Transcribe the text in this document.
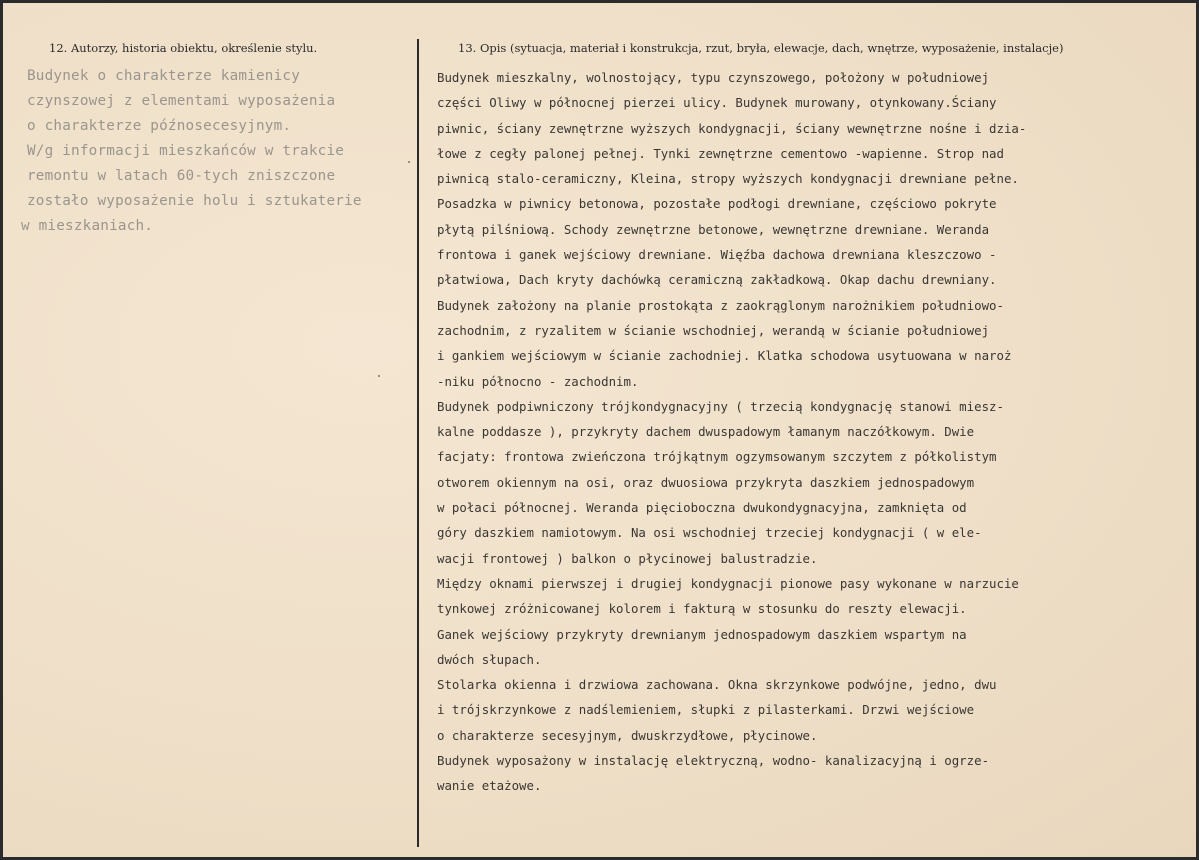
12. Autorzy, historia obiektu, określenie stylu.	13. Opis (sytuacja, materiał i konstrukcja, rzut, bryła, elewacje, dach, wnętrze, wyposażenie, instalacje)
Budynek o charakterze kamienicy
czynszowej z elementami wyposażenia
o charakterze późnosecesyjnym.
W/g informacji mieszkańców w trakcie
remontu w latach 60-tych zniszczone
zostało wyposażenie holu i sztukaterie
w mieszkaniach.
Budynek mieszkalny, wolnostojący, typu czynszowego, położony w południowej
części Oliwy w północnej pierzei ulicy. Budynek murowany, otynkowany.Ściany
piwnic, ściany zewnętrzne wyższych kondygnacji, ściany wewnętrzne nośne i dzia-
łowe z cegły palonej pełnej. Tynki zewnętrzne cementowo -wapienne. Strop nad
piwnicą stalo-ceramiczny, Kleina, stropy wyższych kondygnacji drewniane pełne.
Posadzka w piwnicy betonowa, pozostałe podłogi drewniane, częściowo pokryte
płytą pilśniową. Schody zewnętrzne betonowe, wewnętrzne drewniane. Weranda
frontowa i ganek wejściowy drewniane. Więźba dachowa drewniana kleszczowo -
płatwiowa, Dach kryty dachówką ceramiczną zakładkową. Okap dachu drewniany.
Budynek założony na planie prostokąta z zaokrąglonym narożnikiem południowo-
zachodnim, z ryzalitem w ścianie wschodniej, werandą w ścianie południowej
i gankiem wejściowym w ścianie zachodniej. Klatka schodowa usytuowana w naroż
-niku północno - zachodnim.
Budynek podpiwniczony trójkondygnacyjny ( trzecią kondygnację stanowi miesz-
kalne poddasze ), przykryty dachem dwuspadowym łamanym naczółkowym. Dwie
facjaty: frontowa zwieńczona trójkątnym ogzymsowanym szczytem z półkolistym
otworem okiennym na osi, oraz dwuosiowa przykryta daszkiem jednospadowym
w połaci północnej. Weranda pięcioboczna dwukondygnacyjna, zamknięta od
góry daszkiem namiotowym. Na osi wschodniej trzeciej kondygnacji ( w ele-
wacji frontowej ) balkon o płycinowej balustradzie.
Między oknami pierwszej i drugiej kondygnacji pionowe pasy wykonane w narzucie
tynkowej zróżnicowanej kolorem i fakturą w stosunku do reszty elewacji.
Ganek wejściowy przykryty drewnianym jednospadowym daszkiem wspartym na
dwóch słupach.
Stolarka okienna i drzwiowa zachowana. Okna skrzynkowe podwójne, jedno, dwu
i trójskrzynkowe z nadślemieniem, słupki z pilasterkami. Drzwi wejściowe
o charakterze secesyjnym, dwuskrzydłowe, płycinowe.
Budynek wyposażony w instalację elektryczną, wodno- kanalizacyjną i ogrze-
wanie etażowe.
